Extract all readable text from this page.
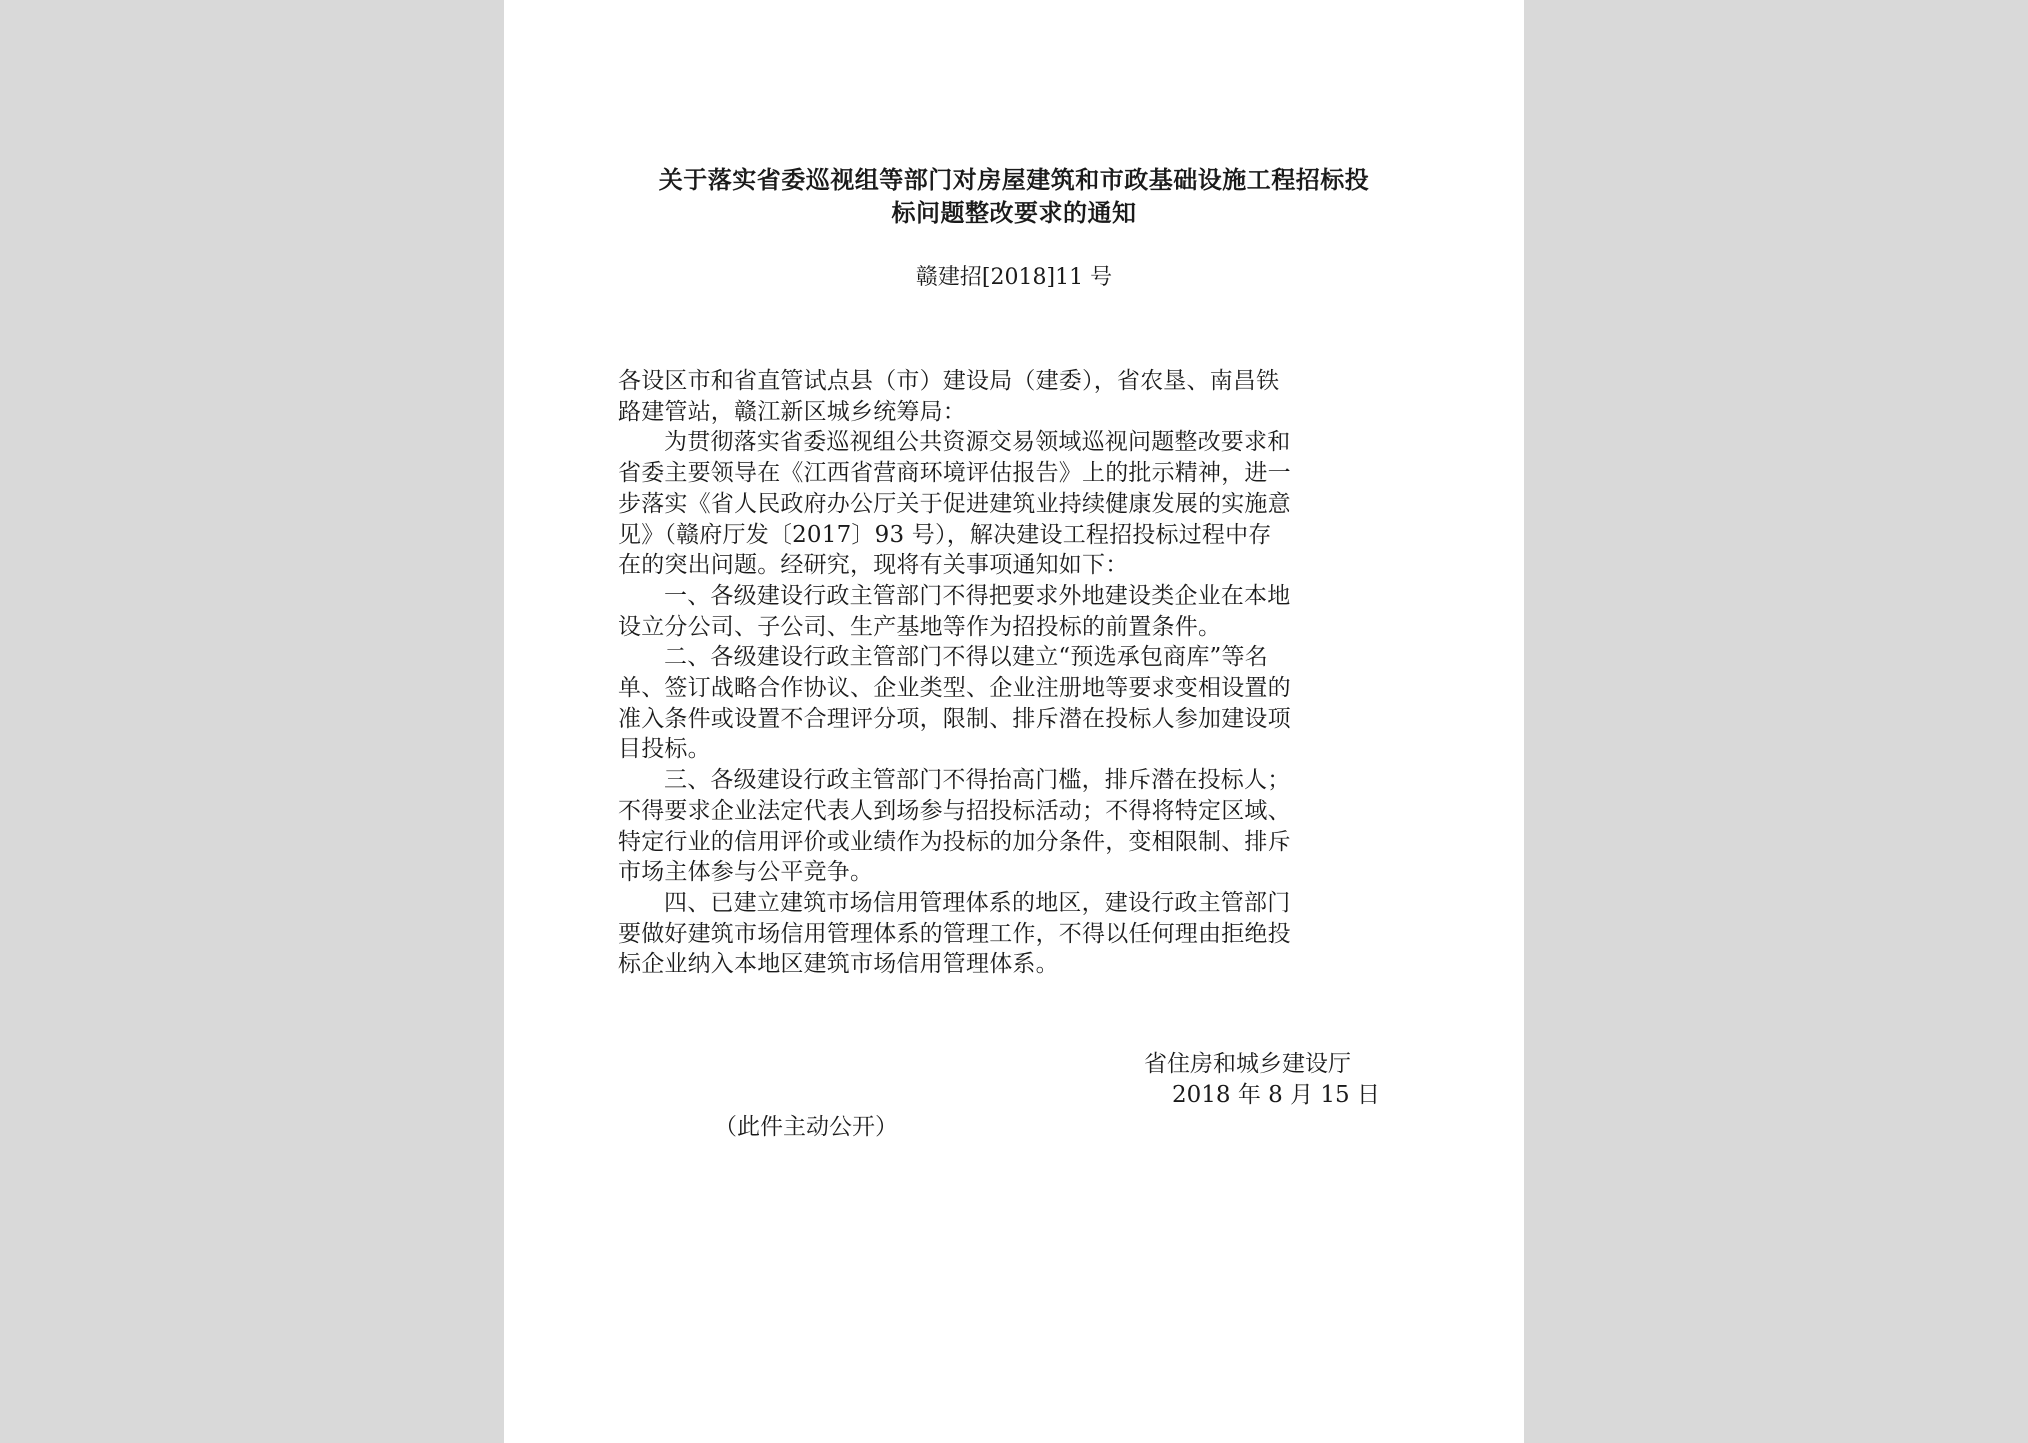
关于落实省委巡视组等部门对房屋建筑和市政基础设施工程招标投
标问题整改要求的通知
赣建招[2018]11 号
各设区市和省直管试点县（市）建设局（建委），省农垦、南昌铁
路建管站，赣江新区城乡统筹局：
为贯彻落实省委巡视组公共资源交易领域巡视问题整改要求和
省委主要领导在《江西省营商环境评估报告》上的批示精神，进一
步落实《省人民政府办公厅关于促进建筑业持续健康发展的实施意
见》（赣府厅发〔2017〕93 号），解决建设工程招投标过程中存
在的突出问题。经研究，现将有关事项通知如下：
一、各级建设行政主管部门不得把要求外地建设类企业在本地
设立分公司、子公司、生产基地等作为招投标的前置条件。
二、各级建设行政主管部门不得以建立“预选承包商库”等名
单、签订战略合作协议、企业类型、企业注册地等要求变相设置的
准入条件或设置不合理评分项，限制、排斥潜在投标人参加建设项
目投标。
三、各级建设行政主管部门不得抬高门槛，排斥潜在投标人；
不得要求企业法定代表人到场参与招投标活动；不得将特定区域、
特定行业的信用评价或业绩作为投标的加分条件，变相限制、排斥
市场主体参与公平竞争。
四、已建立建筑市场信用管理体系的地区，建设行政主管部门
要做好建筑市场信用管理体系的管理工作，不得以任何理由拒绝投
标企业纳入本地区建筑市场信用管理体系。
省住房和城乡建设厅
2018 年 8 月 15 日
（此件主动公开）
